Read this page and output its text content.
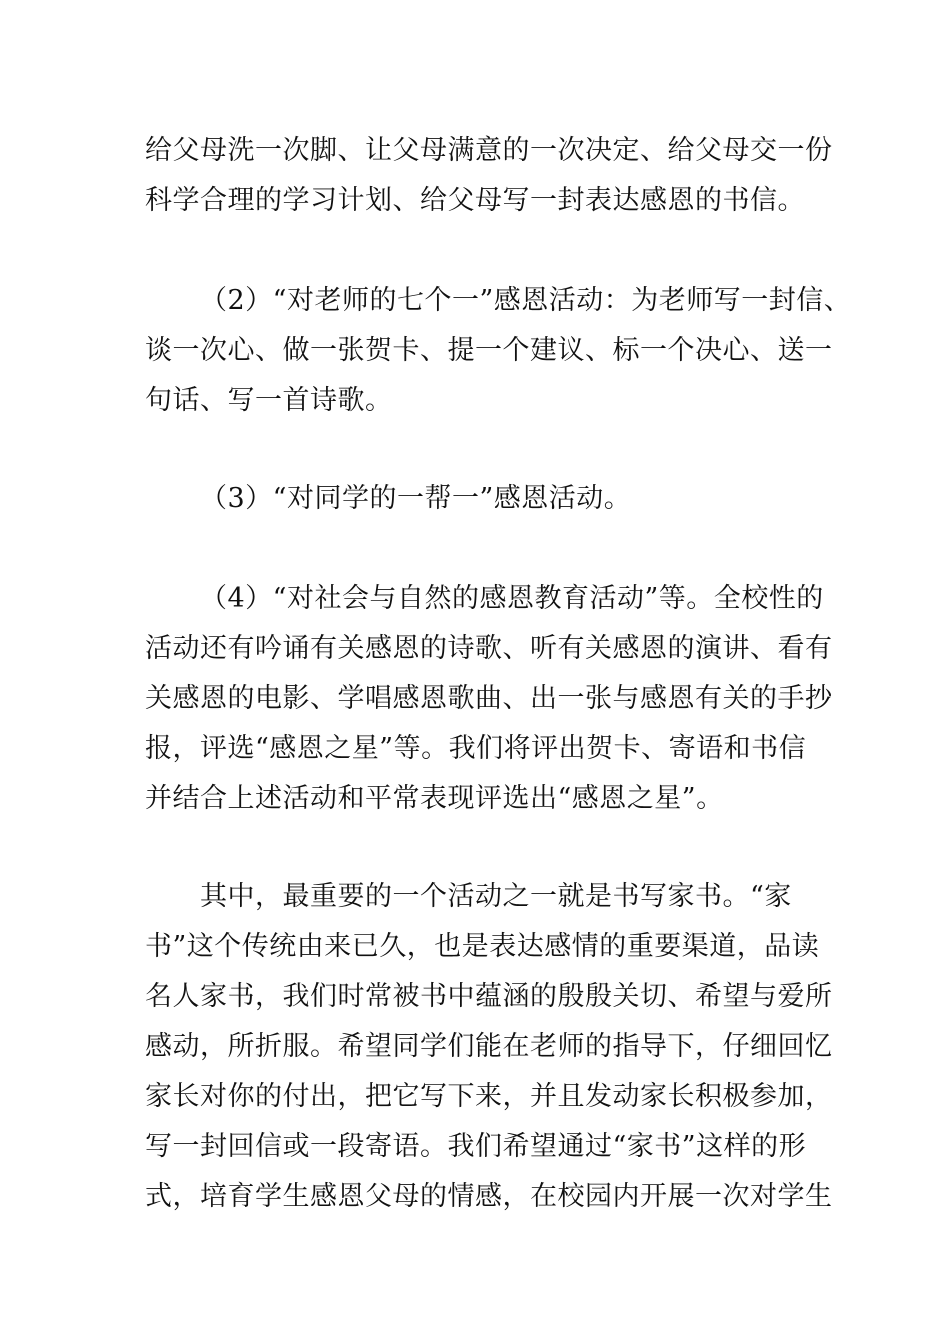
给父母洗一次脚、让父母满意的一次决定、给父母交一份
科学合理的学习计划、给父母写一封表达感恩的书信。
（2）“对老师的七个一”感恩活动：为老师写一封信、
谈一次心、做一张贺卡、提一个建议、标一个决心、送一
句话、写一首诗歌。
（3）“对同学的一帮一”感恩活动。
（4）“对社会与自然的感恩教育活动”等。全校性的
活动还有吟诵有关感恩的诗歌、听有关感恩的演讲、看有
关感恩的电影、学唱感恩歌曲、出一张与感恩有关的手抄
报，评选“感恩之星”等。我们将评出贺卡、寄语和书信
并结合上述活动和平常表现评选出“感恩之星”。
其中，最重要的一个活动之一就是书写家书。“家
书”这个传统由来已久，也是表达感情的重要渠道，品读
名人家书，我们时常被书中蕴涵的殷殷关切、希望与爱所
感动，所折服。希望同学们能在老师的指导下，仔细回忆
家长对你的付出，把它写下来，并且发动家长积极参加，
写一封回信或一段寄语。我们希望通过“家书”这样的形
式，培育学生感恩父母的情感，在校园内开展一次对学生
